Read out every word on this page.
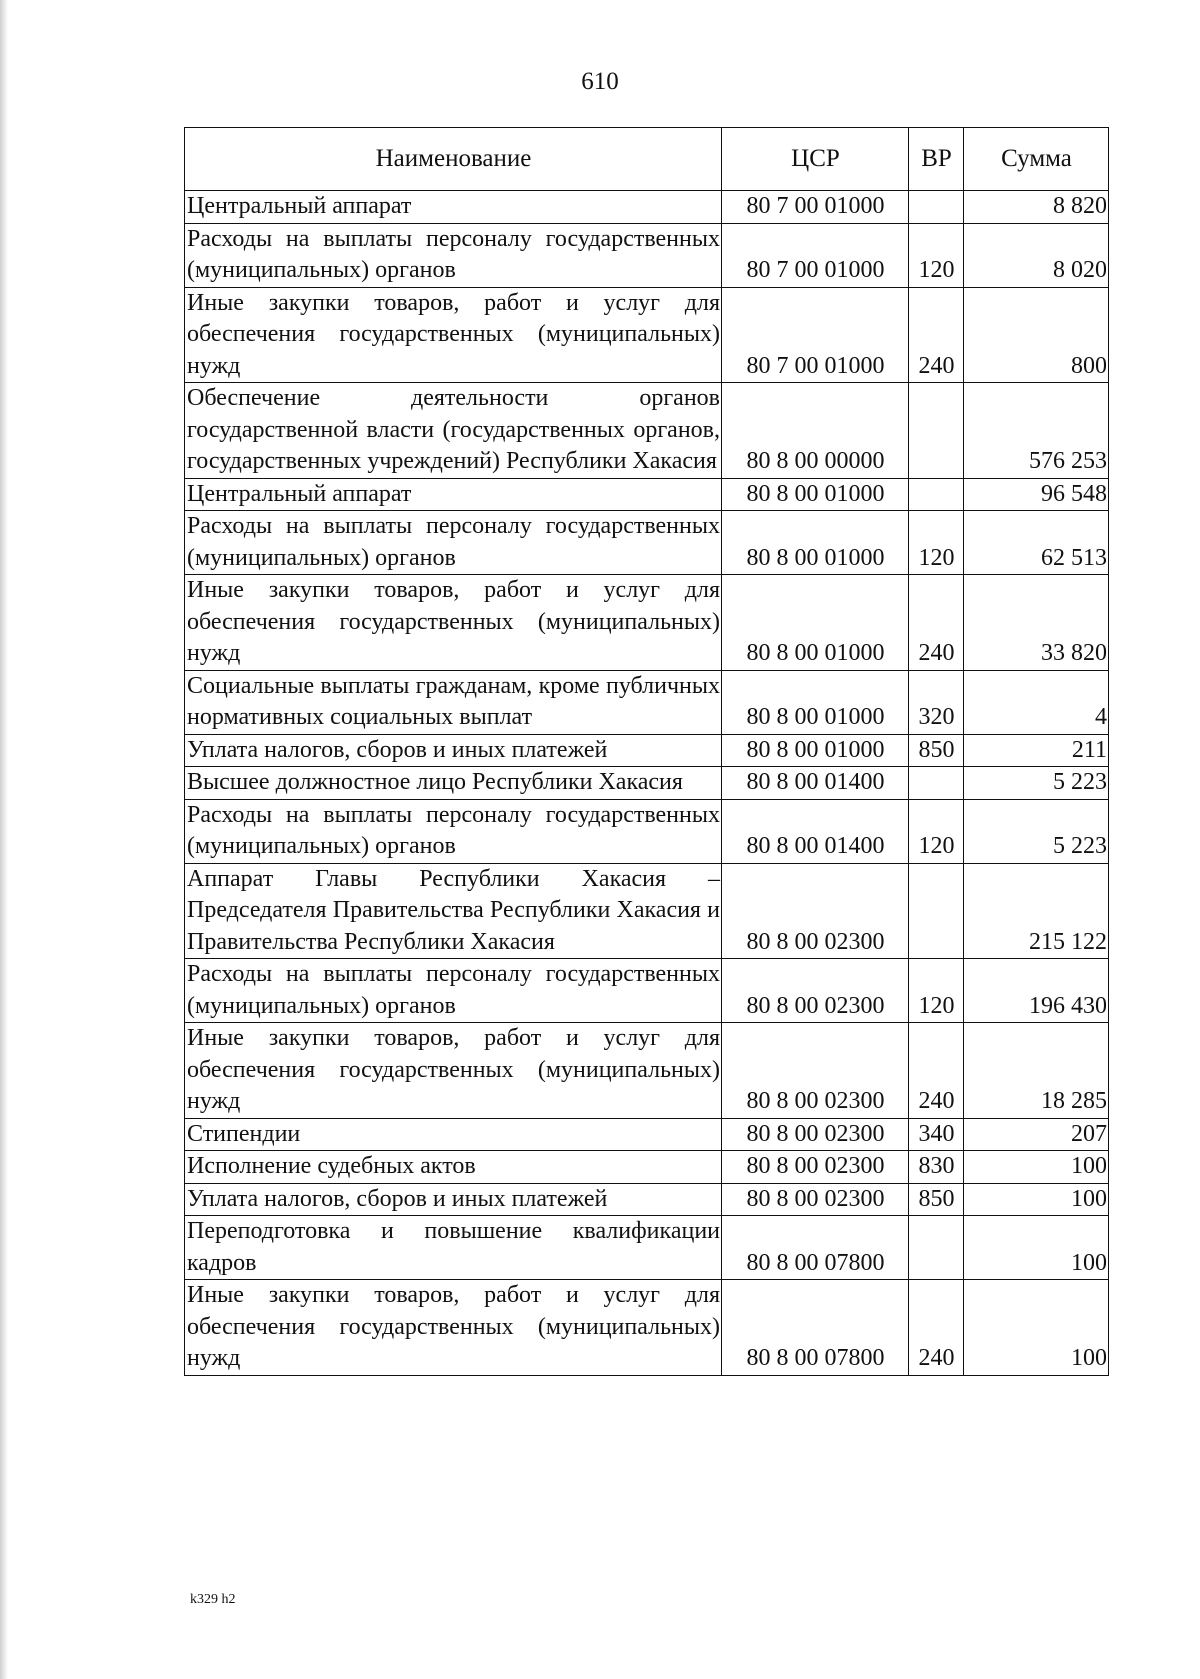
610
Наименование	ЦСР	ВР	Сумма
Центральный аппарат	80 7 00 01000		8 820
Расходы на выплаты персоналу государственных (муниципальных) органов	80 7 00 01000	120	8 020
Иные закупки товаров, работ и услуг для обеспечения государственных (муниципальных) нужд	80 7 00 01000	240	800
Обеспечение деятельности органов государственной власти (государственных органов, государственных учреждений) Республики Хакасия	80 8 00 00000		576 253
Центральный аппарат	80 8 00 01000		96 548
Расходы на выплаты персоналу государственных (муниципальных) органов	80 8 00 01000	120	62 513
Иные закупки товаров, работ и услуг для обеспечения государственных (муниципальных) нужд	80 8 00 01000	240	33 820
Социальные выплаты гражданам, кроме публичных нормативных социальных выплат	80 8 00 01000	320	4
Уплата налогов, сборов и иных платежей	80 8 00 01000	850	211
Высшее должностное лицо Республики Хакасия	80 8 00 01400		5 223
Расходы на выплаты персоналу государственных (муниципальных) органов	80 8 00 01400	120	5 223
Аппарат Главы Республики Хакасия – Председателя Правительства Республики Хакасия и Правительства Республики Хакасия	80 8 00 02300		215 122
Расходы на выплаты персоналу государственных (муниципальных) органов	80 8 00 02300	120	196 430
Иные закупки товаров, работ и услуг для обеспечения государственных (муниципальных) нужд	80 8 00 02300	240	18 285
Стипендии	80 8 00 02300	340	207
Исполнение судебных актов	80 8 00 02300	830	100
Уплата налогов, сборов и иных платежей	80 8 00 02300	850	100
Переподготовка и повышение квалификации кадров	80 8 00 07800		100
Иные закупки товаров, работ и услуг для обеспечения государственных (муниципальных) нужд	80 8 00 07800	240	100
k329 h2
